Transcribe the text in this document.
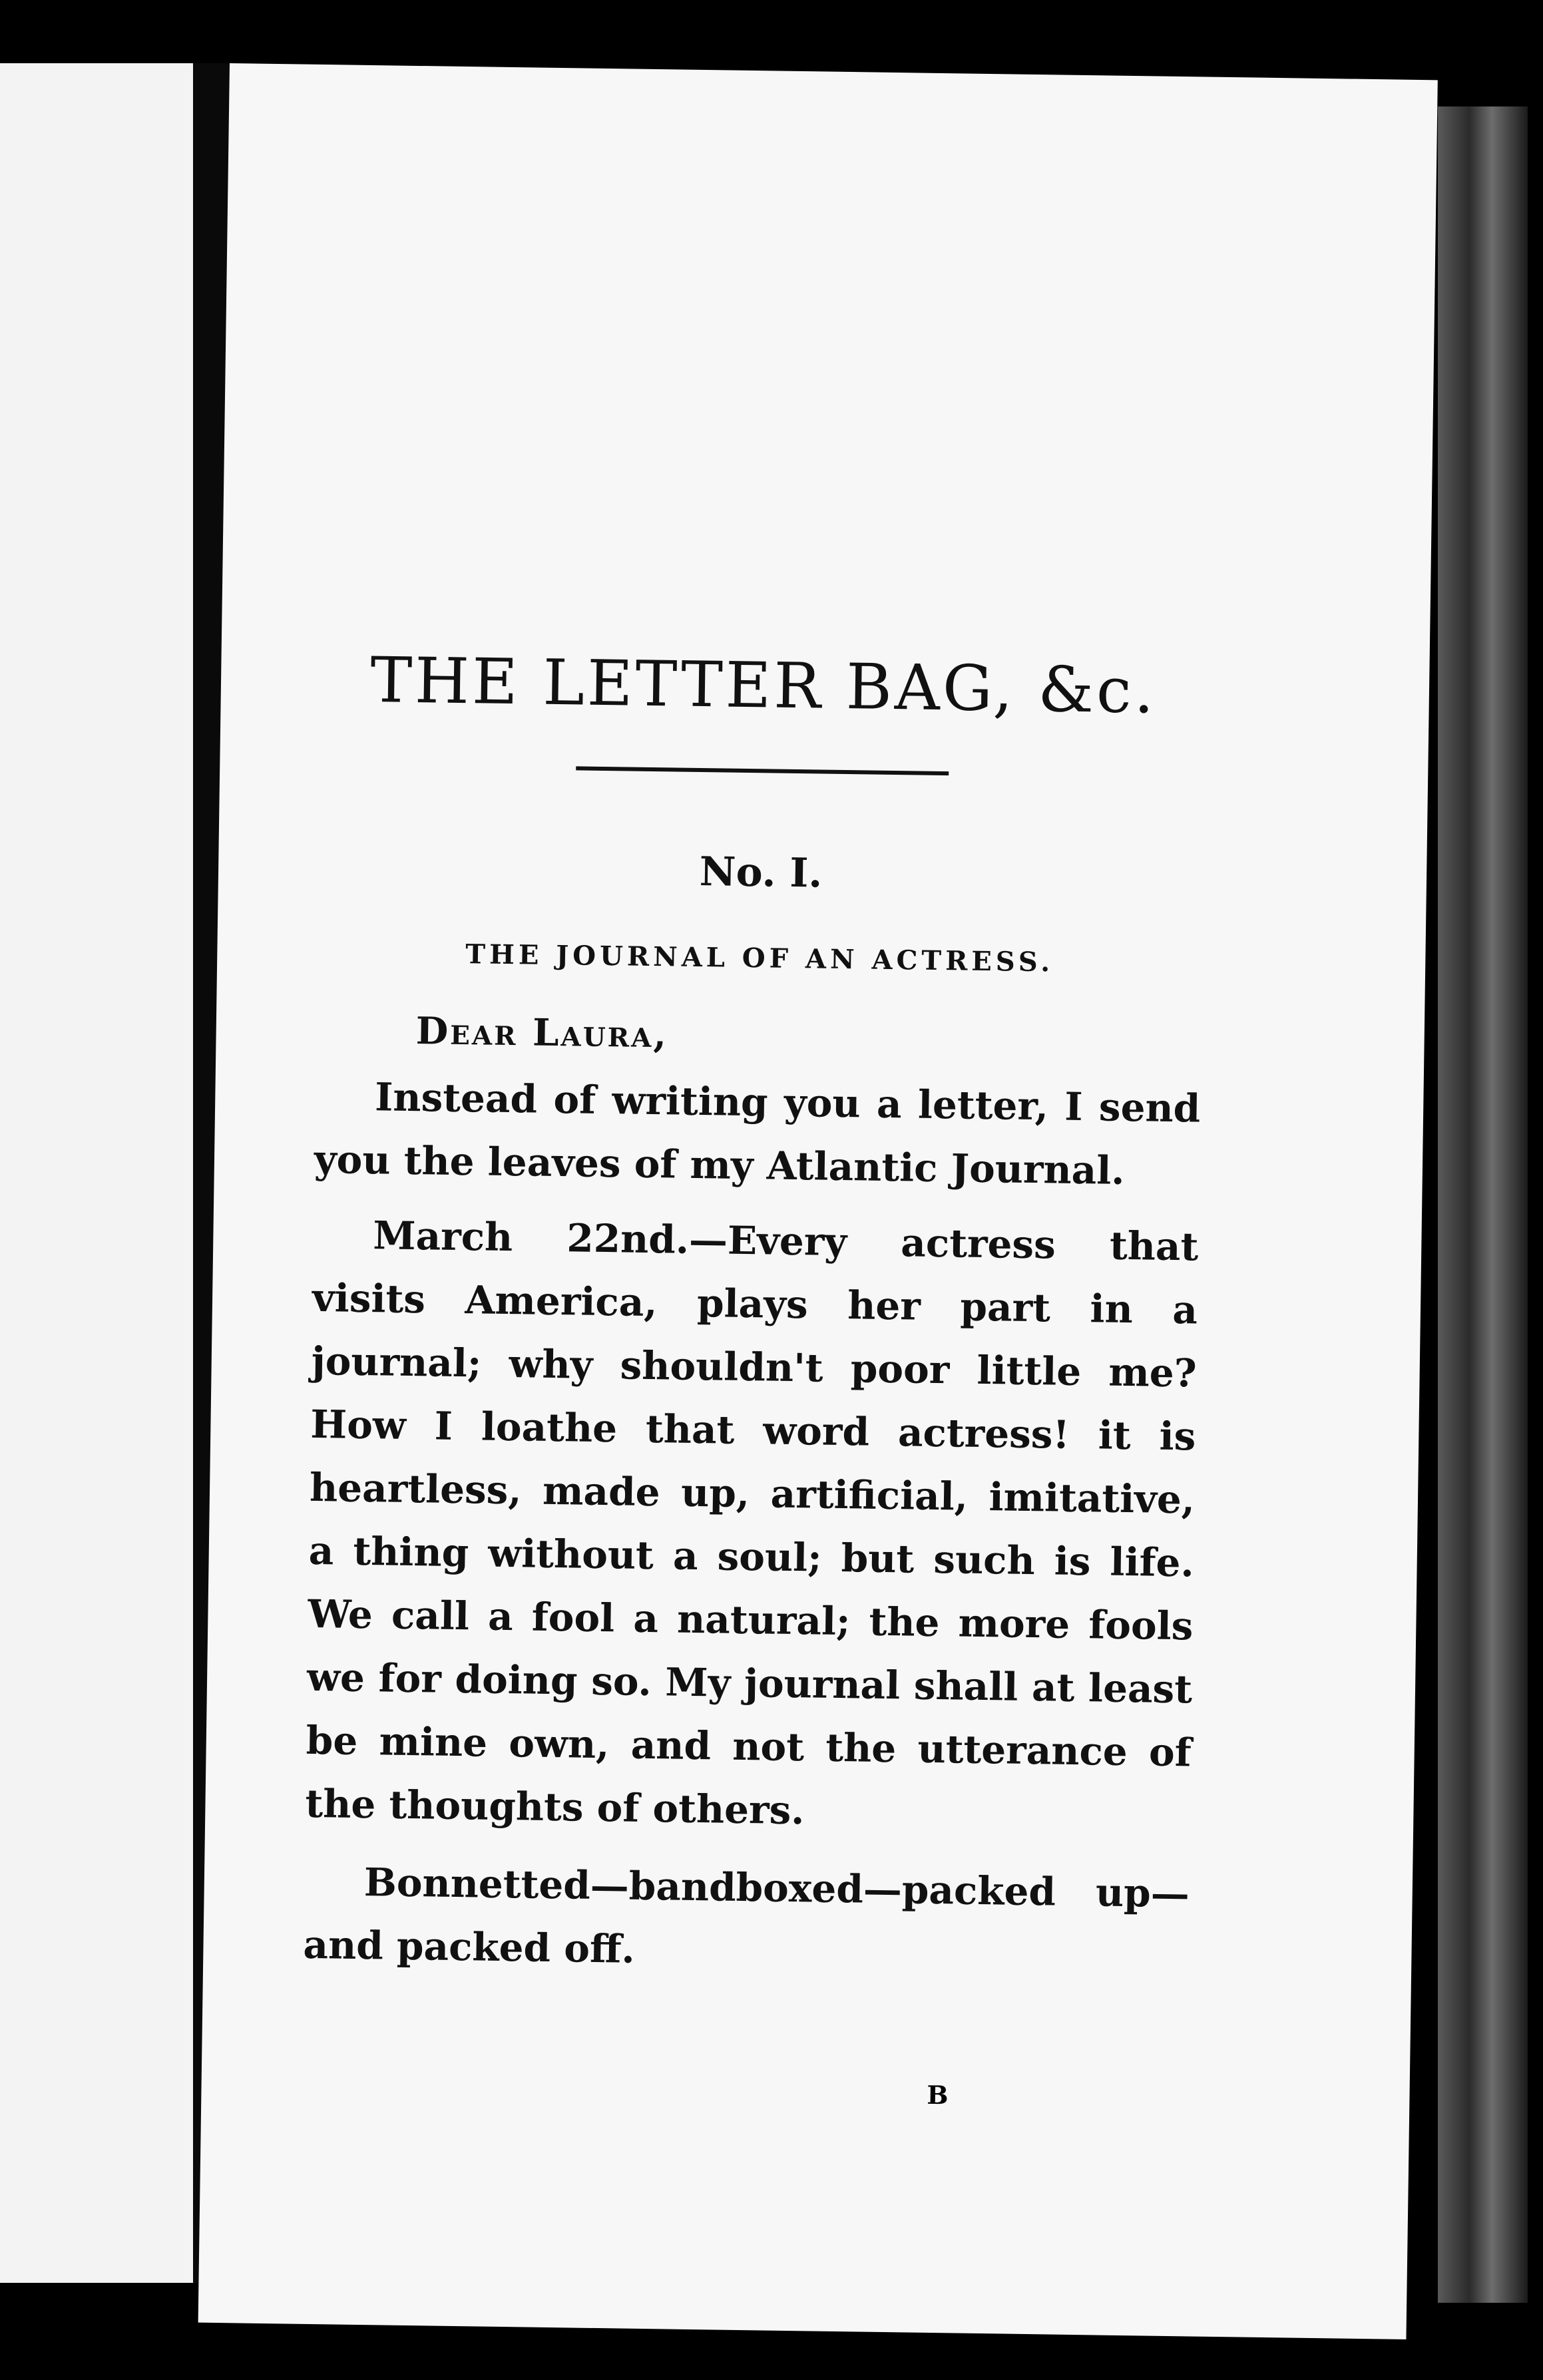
THE LETTER BAG, &c.
No. I.
THE JOURNAL OF AN ACTRESS.
Dear Laura,

Instead of writing you a letter, I send you the leaves of my Atlantic Journal.

March 22nd.—Every actress that visits America, plays her part in a journal; why shouldn't poor little me? How I loathe that word actress! it is heartless, made up, artificial, imitative, a thing without a soul; but such is life. We call a fool a natural; the more fools we for doing so. My journal shall at least be mine own, and not the utterance of the thoughts of others.

Bonnetted—bandboxed—packed up—and packed off.

B
